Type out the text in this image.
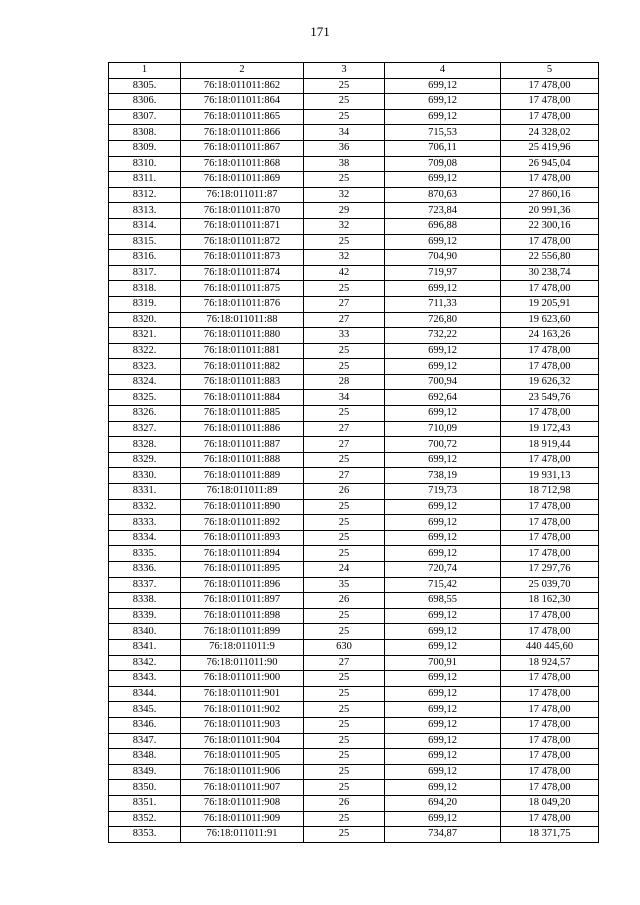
171
1	2	3	4	5
8305.	76:18:011011:862	25	699,12	17 478,00
8306.	76:18:011011:864	25	699,12	17 478,00
8307.	76:18:011011:865	25	699,12	17 478,00
8308.	76:18:011011:866	34	715,53	24 328,02
8309.	76:18:011011:867	36	706,11	25 419,96
8310.	76:18:011011:868	38	709,08	26 945,04
8311.	76:18:011011:869	25	699,12	17 478,00
8312.	76:18:011011:87	32	870,63	27 860,16
8313.	76:18:011011:870	29	723,84	20 991,36
8314.	76:18:011011:871	32	696,88	22 300,16
8315.	76:18:011011:872	25	699,12	17 478,00
8316.	76:18:011011:873	32	704,90	22 556,80
8317.	76:18:011011:874	42	719,97	30 238,74
8318.	76:18:011011:875	25	699,12	17 478,00
8319.	76:18:011011:876	27	711,33	19 205,91
8320.	76:18:011011:88	27	726,80	19 623,60
8321.	76:18:011011:880	33	732,22	24 163,26
8322.	76:18:011011:881	25	699,12	17 478,00
8323.	76:18:011011:882	25	699,12	17 478,00
8324.	76:18:011011:883	28	700,94	19 626,32
8325.	76:18:011011:884	34	692,64	23 549,76
8326.	76:18:011011:885	25	699,12	17 478,00
8327.	76:18:011011:886	27	710,09	19 172,43
8328.	76:18:011011:887	27	700,72	18 919,44
8329.	76:18:011011:888	25	699,12	17 478,00
8330.	76:18:011011:889	27	738,19	19 931,13
8331.	76:18:011011:89	26	719,73	18 712,98
8332.	76:18:011011:890	25	699,12	17 478,00
8333.	76:18:011011:892	25	699,12	17 478,00
8334.	76:18:011011:893	25	699,12	17 478,00
8335.	76:18:011011:894	25	699,12	17 478,00
8336.	76:18:011011:895	24	720,74	17 297,76
8337.	76:18:011011:896	35	715,42	25 039,70
8338.	76:18:011011:897	26	698,55	18 162,30
8339.	76:18:011011:898	25	699,12	17 478,00
8340.	76:18:011011:899	25	699,12	17 478,00
8341.	76:18:011011:9	630	699,12	440 445,60
8342.	76:18:011011:90	27	700,91	18 924,57
8343.	76:18:011011:900	25	699,12	17 478,00
8344.	76:18:011011:901	25	699,12	17 478,00
8345.	76:18:011011:902	25	699,12	17 478,00
8346.	76:18:011011:903	25	699,12	17 478,00
8347.	76:18:011011:904	25	699,12	17 478,00
8348.	76:18:011011:905	25	699,12	17 478,00
8349.	76:18:011011:906	25	699,12	17 478,00
8350.	76:18:011011:907	25	699,12	17 478,00
8351.	76:18:011011:908	26	694,20	18 049,20
8352.	76:18:011011:909	25	699,12	17 478,00
8353.	76:18:011011:91	25	734,87	18 371,75
